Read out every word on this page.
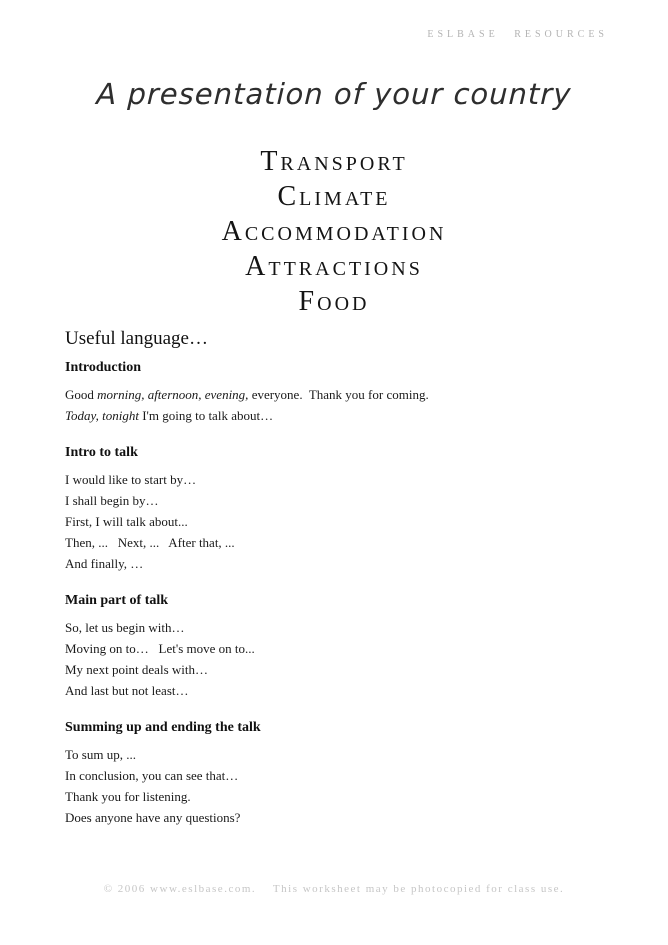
ESLBASE RESOURCES
A presentation of your country
Transport
Climate
Accommodation
Attractions
Food
Useful language…
Introduction
Good morning, afternoon, evening, everyone.  Thank you for coming.
Today, tonight I'm going to talk about…
Intro to talk
I would like to start by…
I shall begin by…
First, I will talk about...
Then, ...   Next, ...   After that, ...
And finally, …
Main part of talk
So, let us begin with…
Moving on to…   Let's move on to...
My next point deals with…
And last but not least…
Summing up and ending the talk
To sum up, ...
In conclusion, you can see that…
Thank you for listening.
Does anyone have any questions?
© 2006 www.eslbase.com.    This worksheet may be photocopied for class use.
